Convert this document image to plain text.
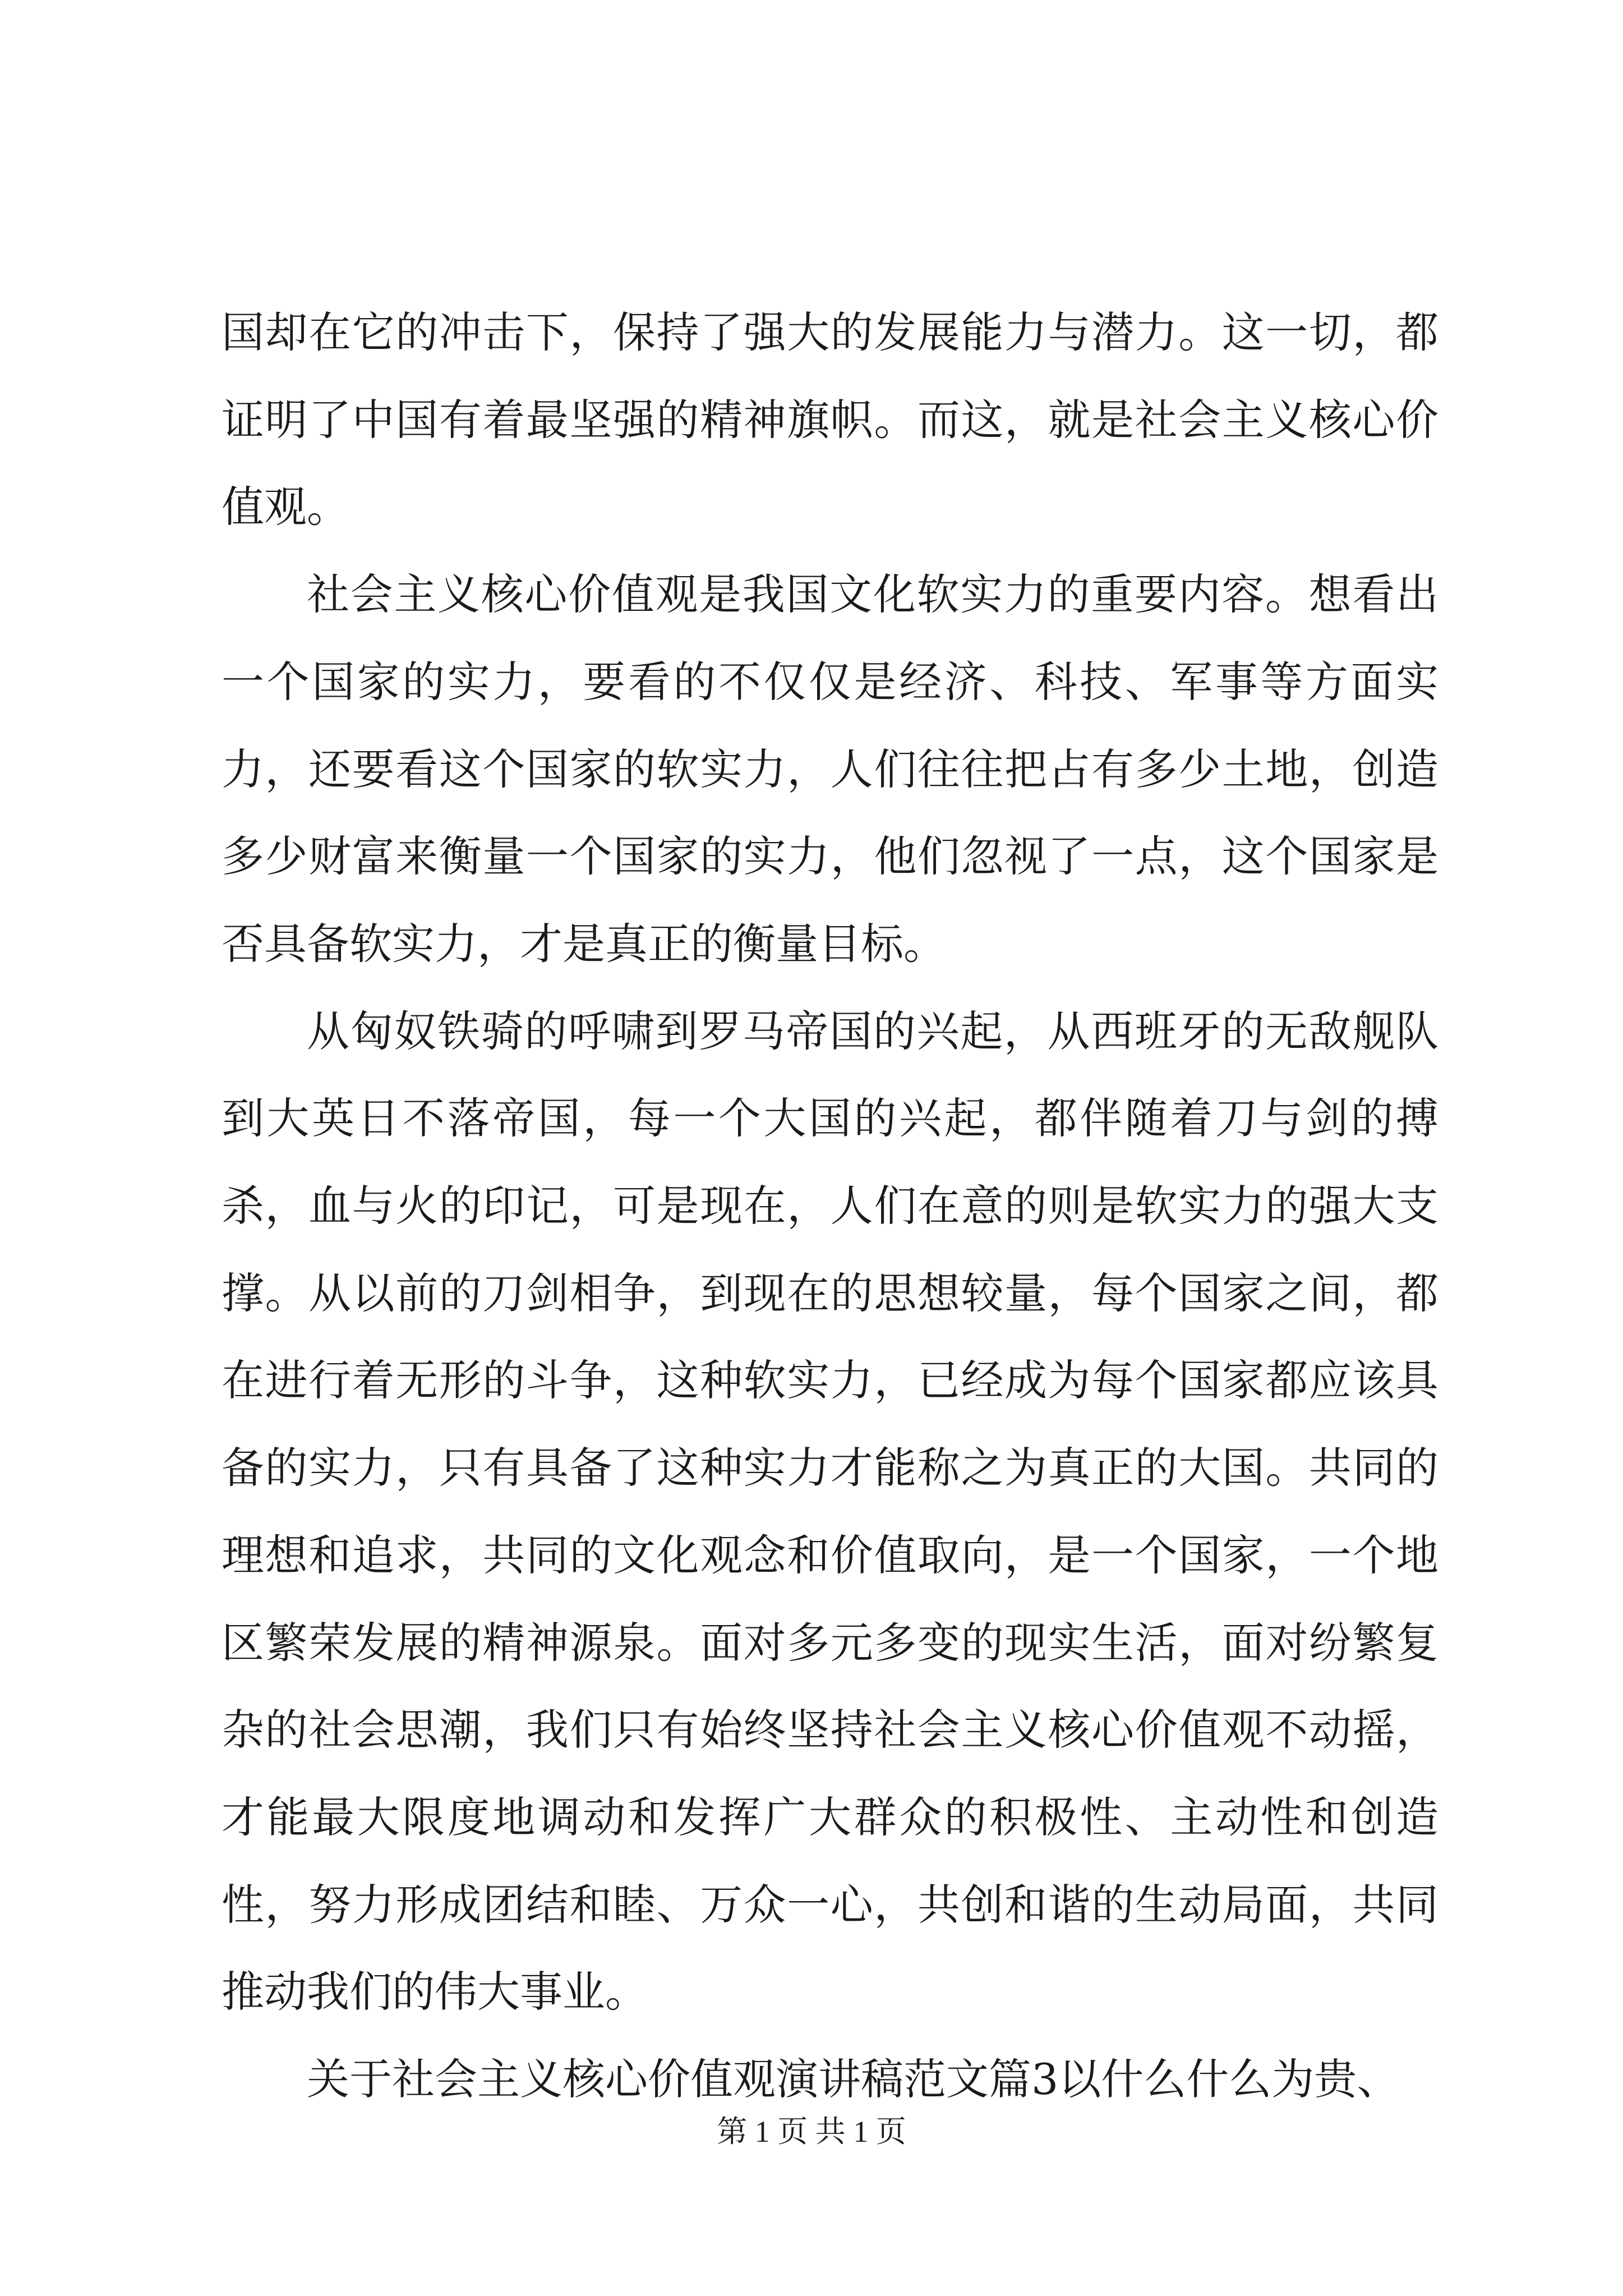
国却在它的冲击下，保持了强大的发展能力与潜力。这一切，都证明了中国有着最坚强的精神旗帜。而这，就是社会主义核心价值观。

社会主义核心价值观是我国文化软实力的重要内容。想看出一个国家的实力，要看的不仅仅是经济、科技、军事等方面实力，还要看这个国家的软实力，人们往往把占有多少土地，创造多少财富来衡量一个国家的实力，他们忽视了一点，这个国家是否具备软实力，才是真正的衡量目标。

从匈奴铁骑的呼啸到罗马帝国的兴起，从西班牙的无敌舰队到大英日不落帝国，每一个大国的兴起，都伴随着刀与剑的搏杀，血与火的印记，可是现在，人们在意的则是软实力的强大支撑。从以前的刀剑相争，到现在的思想较量，每个国家之间，都在进行着无形的斗争，这种软实力，已经成为每个国家都应该具备的实力，只有具备了这种实力才能称之为真正的大国。共同的理想和追求，共同的文化观念和价值取向，是一个国家，一个地区繁荣发展的精神源泉。面对多元多变的现实生活，面对纷繁复杂的社会思潮，我们只有始终坚持社会主义核心价值观不动摇，才能最大限度地调动和发挥广大群众的积极性、主动性和创造性，努力形成团结和睦、万众一心，共创和谐的生动局面，共同推动我们的伟大事业。

关于社会主义核心价值观演讲稿范文篇3以什么什么为贵、

第 1 页 共 1 页
